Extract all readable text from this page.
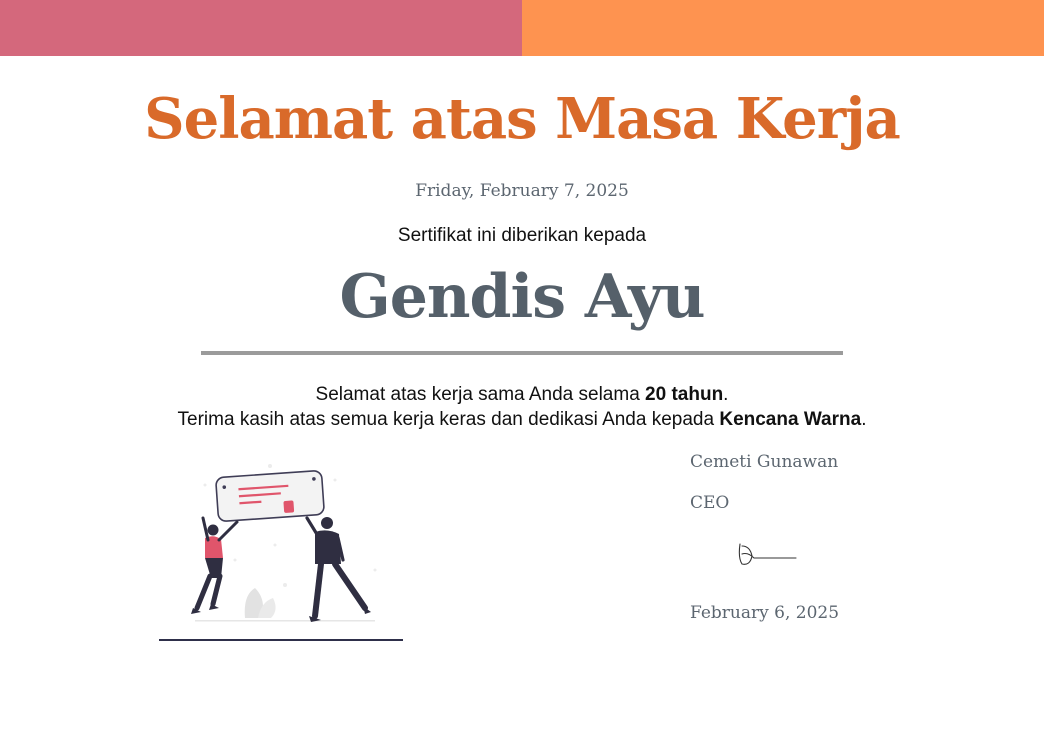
Selamat atas Masa Kerja
Friday, February 7, 2025
Sertifikat ini diberikan kepada
Gendis Ayu
Selamat atas kerja sama Anda selama 20 tahun.
Terima kasih atas semua kerja keras dan dedikasi Anda kepada Kencana Warna.
Cemeti Gunawan
CEO
February 6, 2025
